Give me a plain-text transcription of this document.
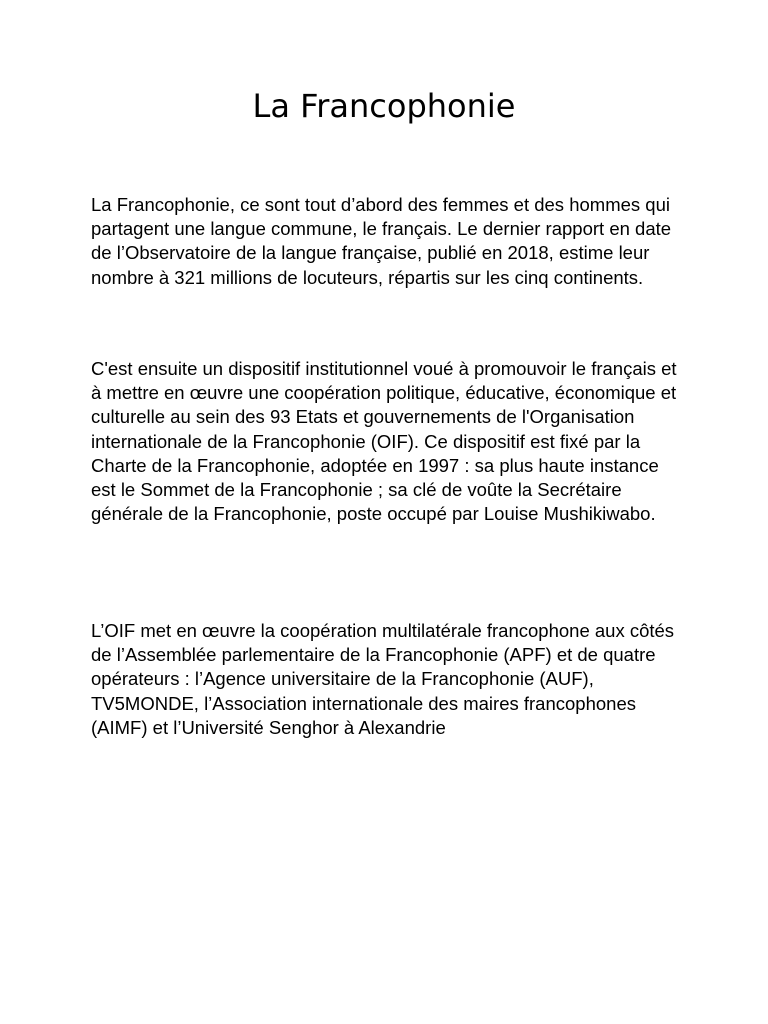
La Francophonie

La Francophonie, ce sont tout d’abord des femmes et des hommes qui partagent une langue commune, le français. Le dernier rapport en date de l’Observatoire de la langue française, publié en 2018, estime leur nombre à 321 millions de locuteurs, répartis sur les cinq continents.

C'est ensuite un dispositif institutionnel voué à promouvoir le français et à mettre en œuvre une coopération politique, éducative, économique et culturelle au sein des 93 Etats et gouvernements de l'Organisation internationale de la Francophonie (OIF). Ce dispositif est fixé par la Charte de la Francophonie, adoptée en 1997 : sa plus haute instance est le Sommet de la Francophonie ; sa clé de voûte la Secrétaire générale de la Francophonie, poste occupé par Louise Mushikiwabo.

L’OIF met en œuvre la coopération multilatérale francophone aux côtés de l’Assemblée parlementaire de la Francophonie (APF) et de quatre opérateurs : l’Agence universitaire de la Francophonie (AUF), TV5MONDE, l’Association internationale des maires francophones (AIMF) et l’Université Senghor à Alexandrie
